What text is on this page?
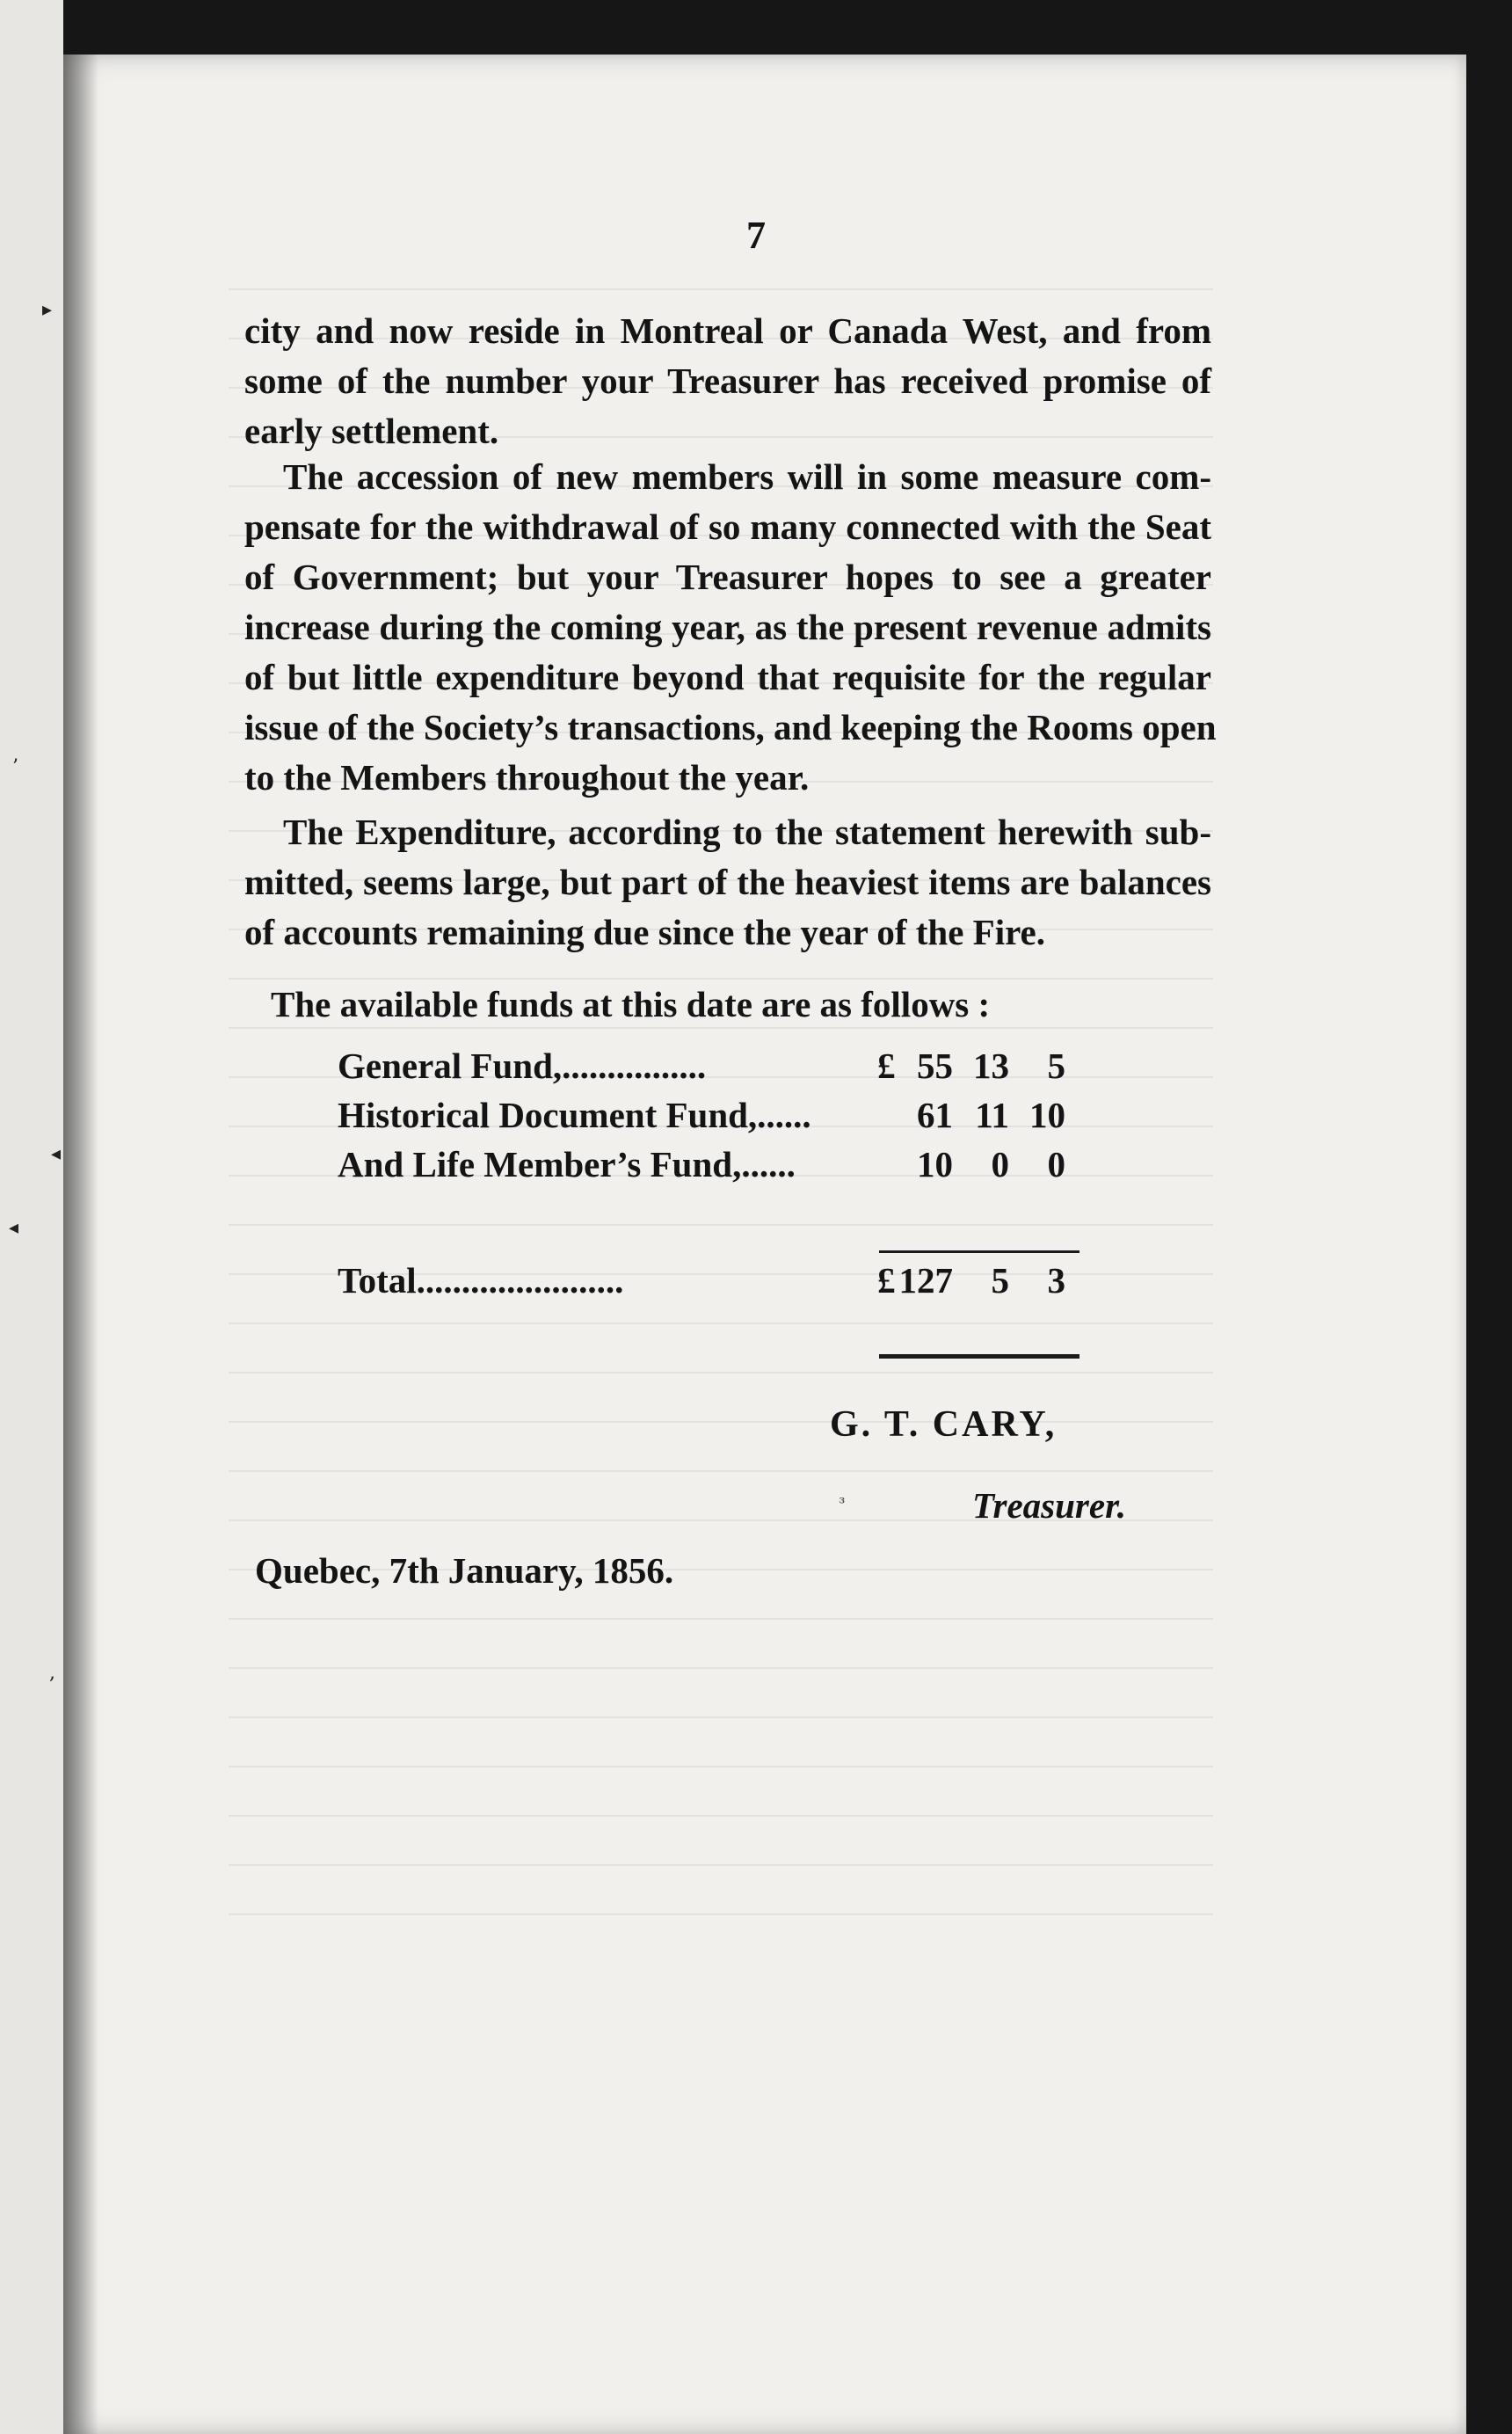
▸
’
◂
◂
,
7
city and now reside in Montreal or Canada West, and from
some of the number your Treasurer has received promise of
early settlement.
The accession of new members will in some measure com-
pensate for the withdrawal of so many connected with the Seat
of Government; but your Treasurer hopes to see a greater
increase during the coming year, as the present revenue admits
of but little expenditure beyond that requisite for the regular
issue of the Society’s transactions, and keeping the Rooms open
to the Members throughout the year.
The Expenditure, according to the statement herewith sub-
mitted, seems large, but part of the heaviest items are balances
of accounts remaining due since the year of the Fire.
The available funds at this date are as follows :
General Fund,................	£ 55 13	5
Historical Document Fund,......	61 11 10
And Life Member’s Fund,......	10	0	0
Total.......................	£ 127	5	3
G. T. CARY,
Treasurer.
ᶟ
Quebec, 7th January, 1856.
